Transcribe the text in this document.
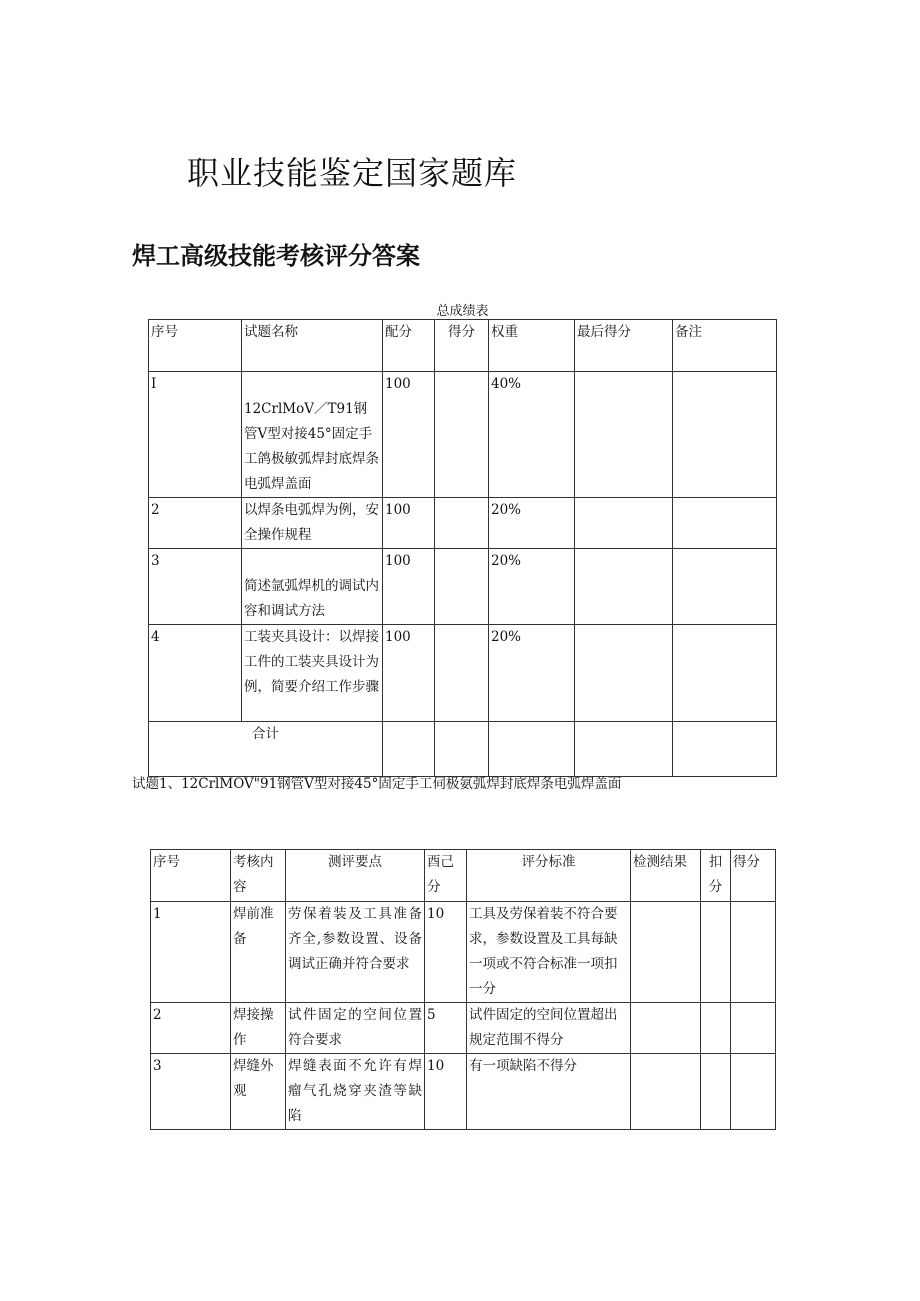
职业技能鉴定国家题库
焊工高级技能考核评分答案
总成绩表
序号	试题名称	配分	得分	权重	最后得分	备注
I	12CrlMoV／T91钢管V型对接45°固定手工鸽极敏弧焊封底焊条电弧焊盖面	100		40%		
2	以焊条电弧焊为例，安全操作规程	100		20%		
3	简述氩弧焊机的调试内容和调试方法	100		20%		
4	工装夹具设计：以焊接工件的工装夹具设计为例，简要介绍工作步骤	100		20%		
合计						
试题1、12CrlMOV"91钢管V型对接45°固定手工伺极氨弧焊封底焊条电弧焊盖面
序号	考核内容	测评要点	酉己分	评分标准	检测结果	扣分	得分
1	焊前准备	劳保着装及工具准备齐全,参数设置、设备调试正确并符合要求	10	工具及劳保着装不符合要求，参数设置及工具每缺一项或不符合标准一项扣一分			
2	焊接操作	试件固定的空间位置符合要求	5	试件固定的空间位置超出规定范围不得分			
3	焊缝外观	焊缝表面不允许有焊瘤气孔烧穿夹渣等缺陷	10	有一项缺陷不得分			
